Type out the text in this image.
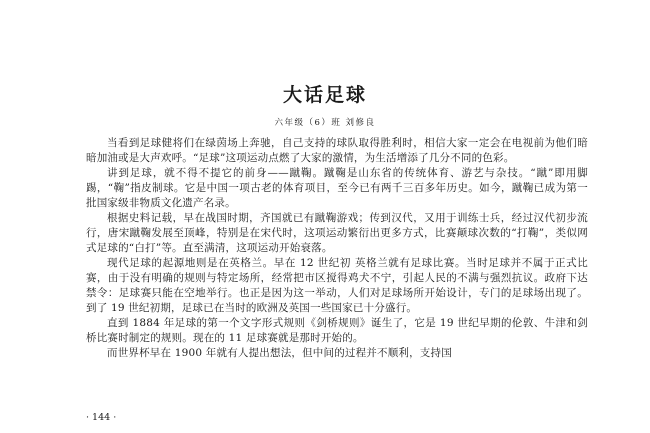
大话足球

六年级（6）班 刘修良

当看到足球健将们在绿茵场上奔驰，自己支持的球队取得胜利时，相信大家一定会在电视前为他们暗暗加油或是大声欢呼。“足球”这项运动点燃了大家的激情，为生活增添了几分不同的色彩。

讲到足球，就不得不提它的前身——蹴鞠。蹴鞠是山东省的传统体育、游艺与杂技。“蹴”即用脚踢，“鞠”指皮制球。它是中国一项古老的体育项目，至今已有两千三百多年历史。如今，蹴鞠已成为第一批国家级非物质文化遗产名录。

根据史料记载，早在战国时期，齐国就已有蹴鞠游戏；传到汉代，又用于训练士兵，经过汉代初步流行，唐宋蹴鞠发展至顶峰，特别是在宋代时，这项运动繁衍出更多方式，比赛颠球次数的“打鞠”，类似网式足球的“白打”等。直至满清，这项运动开始衰落。

现代足球的起源地则是在英格兰。早在 12 世纪初 英格兰就有足球比赛。当时足球并不属于正式比赛，由于没有明确的规则与特定场所，经常把市区搅得鸡犬不宁，引起人民的不满与强烈抗议。政府下达禁令：足球赛只能在空地举行。也正是因为这一举动，人们对足球场所开始设计，专门的足球场出现了。到了 19 世纪初期，足球已在当时的欧洲及英国一些国家已十分盛行。

直到 1884 年足球的第一个文字形式规则《剑桥规则》诞生了，它是 19 世纪早期的伦敦、牛津和剑桥比赛时制定的规则。现在的 11 足球赛就是那时开始的。

而世界杯早在 1900 年就有人提出想法，但中间的过程并不顺利，支持国

· 144 ·
